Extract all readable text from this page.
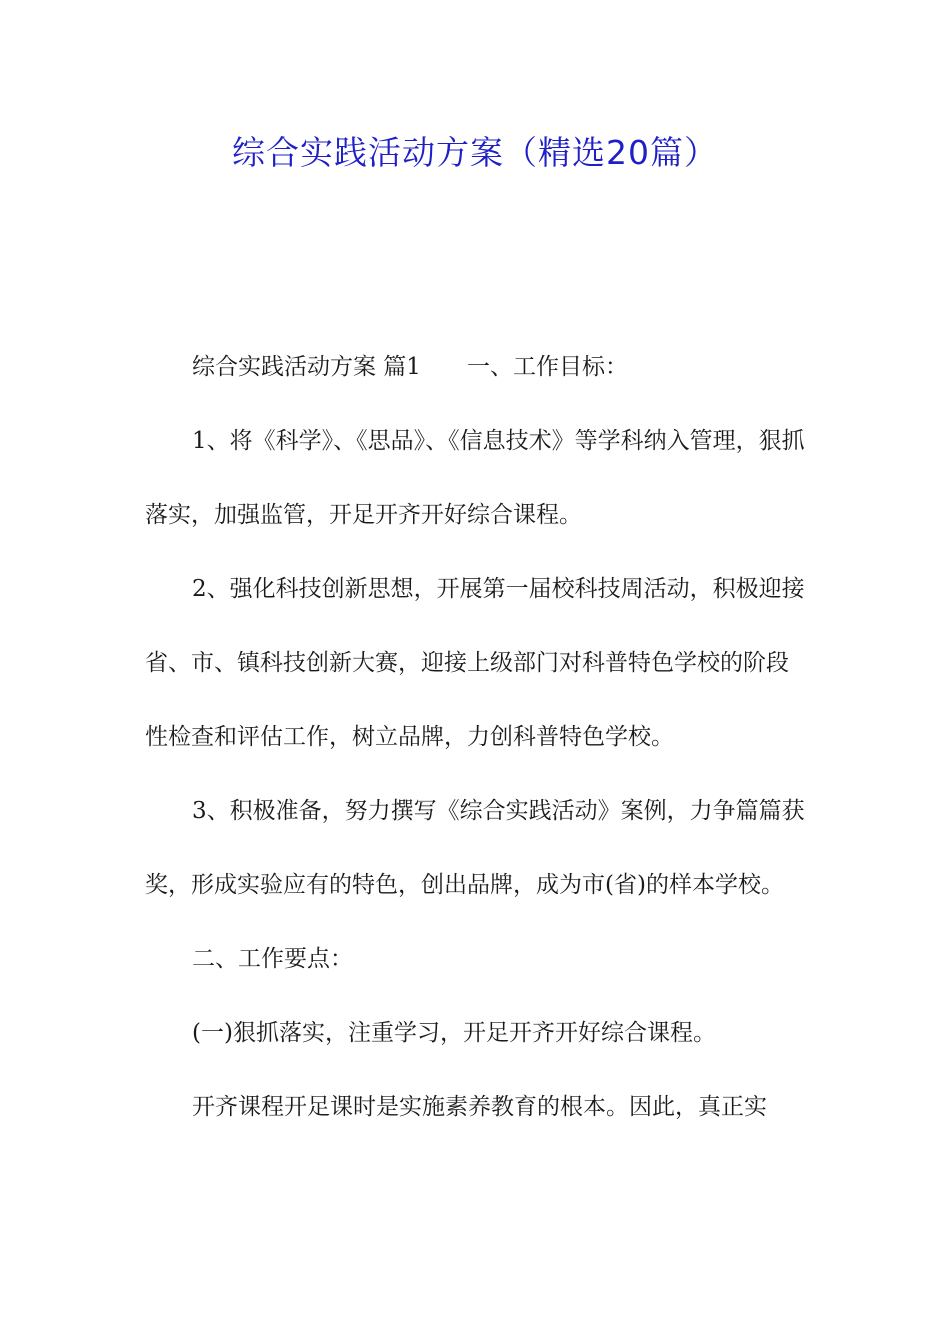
综合实践活动方案（精选20篇）

综合实践活动方案 篇1 一、工作目标：

1、将《科学》、《思品》、《信息技术》等学科纳入管理，狠抓落实，加强监管，开足开齐开好综合课程。

2、强化科技创新思想，开展第一届校科技周活动，积极迎接省、市、镇科技创新大赛，迎接上级部门对科普特色学校的阶段性检查和评估工作，树立品牌，力创科普特色学校。

3、积极准备，努力撰写《综合实践活动》案例，力争篇篇获奖，形成实验应有的特色，创出品牌，成为市(省)的样本学校。

二、工作要点：

(一)狠抓落实，注重学习，开足开齐开好综合课程。

开齐课程开足课时是实施素养教育的根本。因此，真正实
